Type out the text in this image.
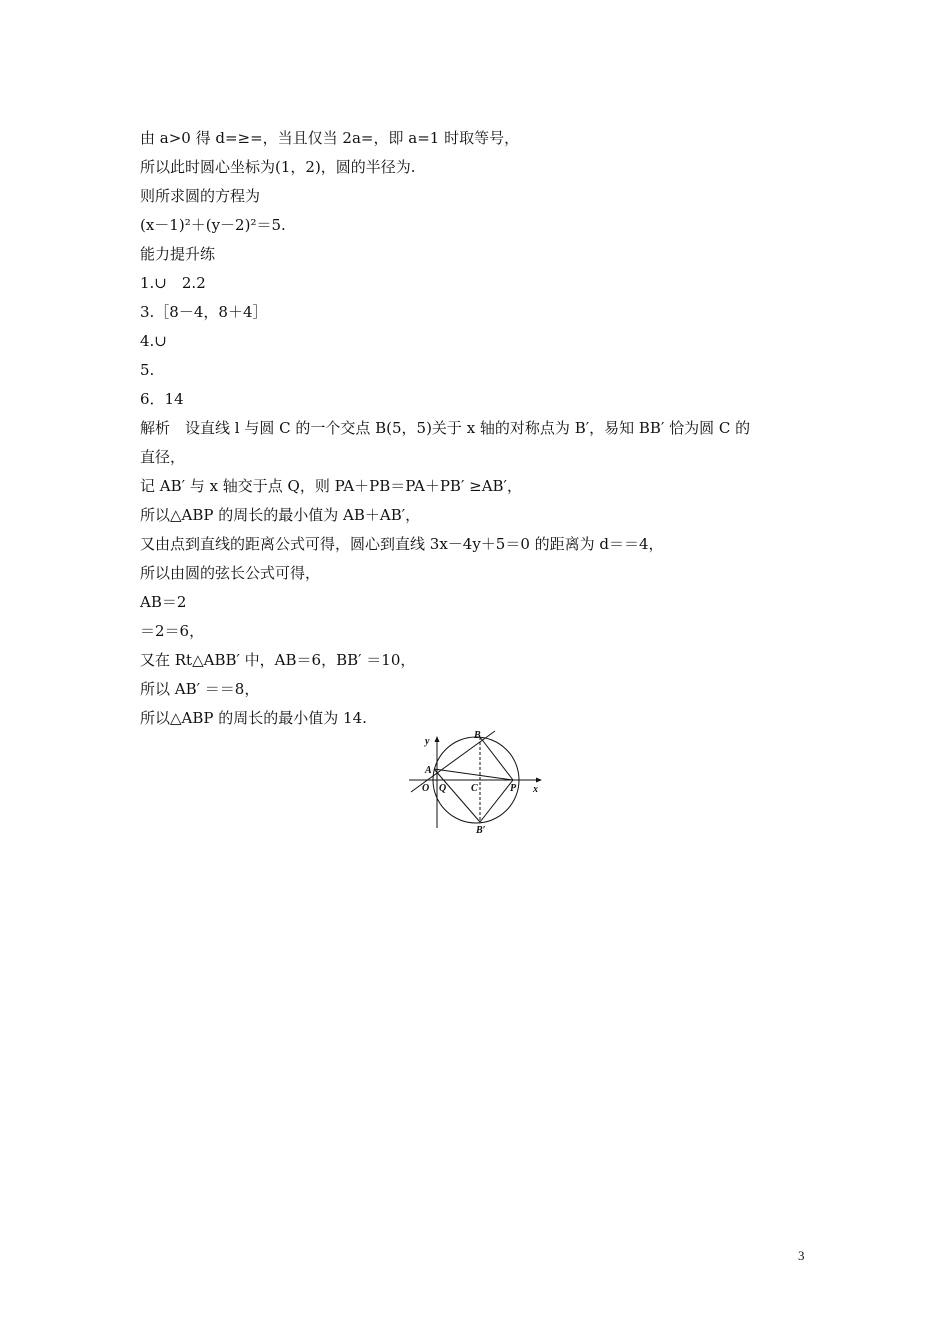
由 a>0 得 d=≥=，当且仅当 2a=，即 a=1 时取等号，
所以此时圆心坐标为(1，2)，圆的半径为.
则所求圆的方程为
(x－1)²＋(y－2)²＝5.
能力提升练
1.∪　2.2
3.［8－4，8＋4］
4.∪
5.
6．14
解析　设直线 l 与圆 C 的一个交点 B(5，5)关于 x 轴的对称点为 B′，易知 BB′ 恰为圆 C 的
直径，
记 AB′ 与 x 轴交于点 Q，则 PA＋PB＝PA＋PB′ ≥AB′，
所以△ABP 的周长的最小值为 AB＋AB′，
又由点到直线的距离公式可得，圆心到直线 3x－4y＋5＝0 的距离为 d＝＝4，
所以由圆的弦长公式可得，
AB＝2
＝2＝6，
又在 Rt△ABB′ 中，AB＝6，BB′ ＝10，
所以 AB′ ＝＝8，
所以△ABP 的周长的最小值为 14.
y
x
B
A
O Q C	P
B′
3
